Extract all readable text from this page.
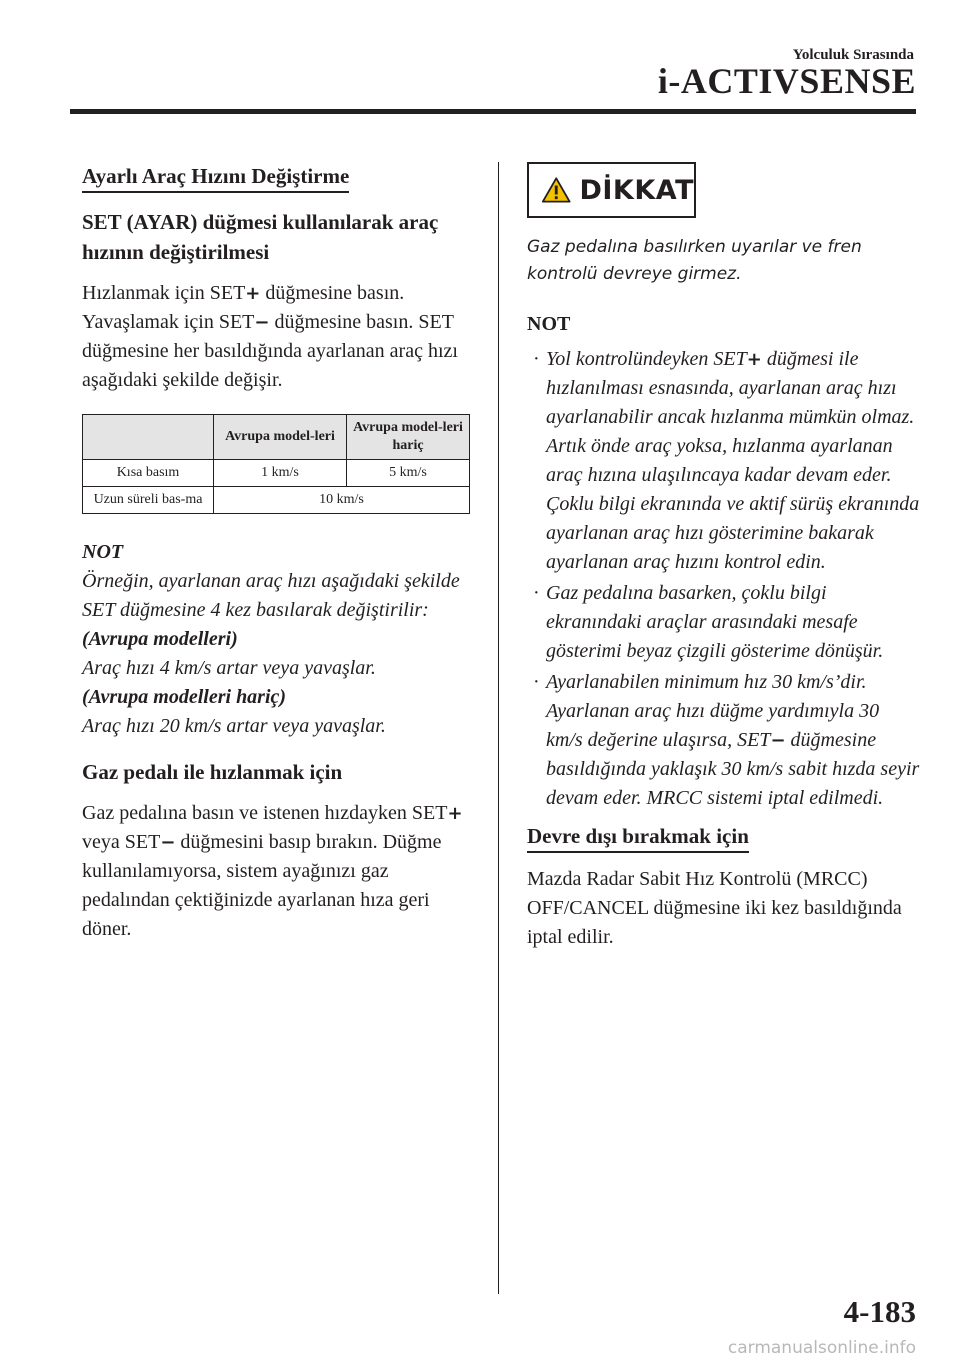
Yolculuk Sırasında
i-ACTIVSENSE
Ayarlı Araç Hızını Değiştirme
SET (AYAR) düğmesi kullanılarak araç hızının değiştirilmesi
Hızlanmak için SET+ düğmesine basın. Yavaşlamak için SET− düğmesine basın. SET düğmesine her basıldığında ayarlanan araç hızı aşağıdaki şekilde değişir.
	Avrupa model-leri	Avrupa model-leri hariç
Kısa basım	1 km/s	5 km/s
Uzun süreli bas-ma	10 km/s	
NOT
Örneğin, ayarlanan araç hızı aşağıdaki şekilde SET düğmesine 4 kez basılarak değiştirilir:
(Avrupa modelleri)
Araç hızı 4 km/s artar veya yavaşlar.
(Avrupa modelleri hariç)
Araç hızı 20 km/s artar veya yavaşlar.
Gaz pedalı ile hızlanmak için
Gaz pedalına basın ve istenen hızdayken SET+ veya SET− düğmesini basıp bırakın. Düğme kullanılamıyorsa, sistem ayağınızı gaz pedalından çektiğinizde ayarlanan hıza geri döner.
DİKKAT
Gaz pedalına basılırken uyarılar ve fren kontrolü devreye girmez.
NOT
· Yol kontrolündeyken SET+ düğmesi ile hızlanılması esnasında, ayarlanan araç hızı ayarlanabilir ancak hızlanma mümkün olmaz. Artık önde araç yoksa, hızlanma ayarlanan araç hızına ulaşılıncaya kadar devam eder. Çoklu bilgi ekranında ve aktif sürüş ekranında ayarlanan araç hızı gösterimine bakarak ayarlanan araç hızını kontrol edin.
· Gaz pedalına basarken, çoklu bilgi ekranındaki araçlar arasındaki mesafe gösterimi beyaz çizgili gösterime dönüşür.
· Ayarlanabilen minimum hız 30 km/s’dir. Ayarlanan araç hızı düğme yardımıyla 30 km/s değerine ulaşırsa, SET− düğmesine basıldığında yaklaşık 30 km/s sabit hızda seyir devam eder. MRCC sistemi iptal edilmedi.
Devre dışı bırakmak için
Mazda Radar Sabit Hız Kontrolü (MRCC) OFF/CANCEL düğmesine iki kez basıldığında iptal edilir.
4-183
carmanualsonline.info
